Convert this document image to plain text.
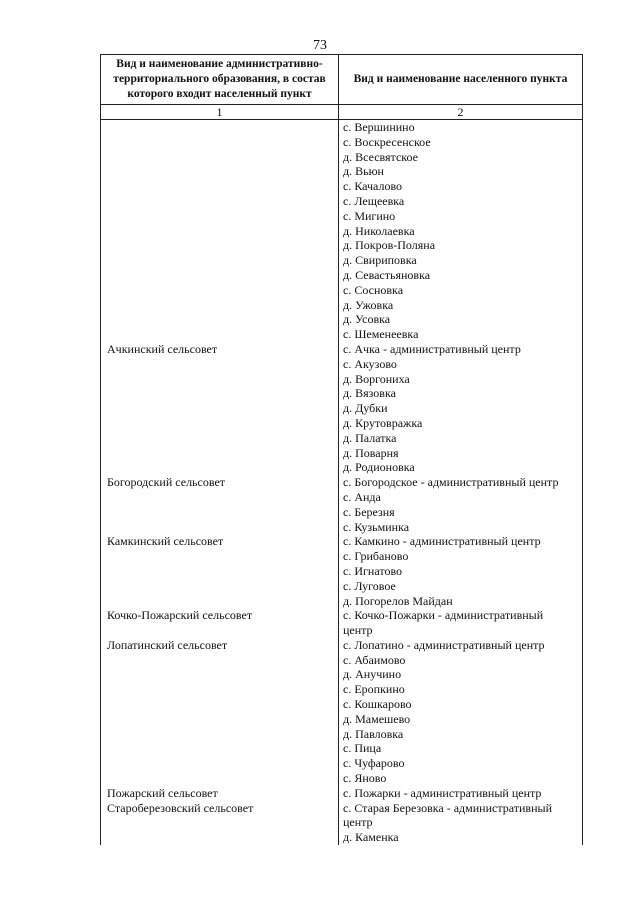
73
Вид и наименование административно-территориального образования, в состав которого входит населенный пункт	Вид и наименование населенного пункта
1	2
	с. Вершинино
	с. Воскресенское
	д. Всесвятское
	д. Вьюн
	с. Качалово
	с. Лещеевка
	с. Мигино
	д. Николаевка
	д. Покров-Поляна
	д. Свириповка
	д. Севастьяновка
	с. Сосновка
	д. Ужовка
	д. Усовка
	с. Шеменеевка
Ачкинский сельсовет	с. Ачка - административный центр
	с. Акузово
	д. Воргониха
	д. Вязовка
	д. Дубки
	д. Крутовражка
	д. Палатка
	д. Поварня
	д. Родионовка
Богородский сельсовет	с. Богородское - административный центр
	с. Анда
	с. Березня
	с. Кузьминка
Камкинский сельсовет	с. Камкино - административный центр
	с. Грибаново
	с. Игнатово
	с. Луговое
	д. Погорелов Майдан
Кочко-Пожарский сельсовет	с. Кочко-Пожарки - административный
	центр
Лопатинский сельсовет	с. Лопатино - административный центр
	с. Абаимово
	д. Анучино
	с. Еропкино
	с. Кошкарово
	д. Мамешево
	д. Павловка
	с. Пица
	с. Чуфарово
	с. Яново
Пожарский сельсовет	с. Пожарки - административный центр
Староберезовский сельсовет	с. Старая Березовка - административный
	центр
	д. Каменка
